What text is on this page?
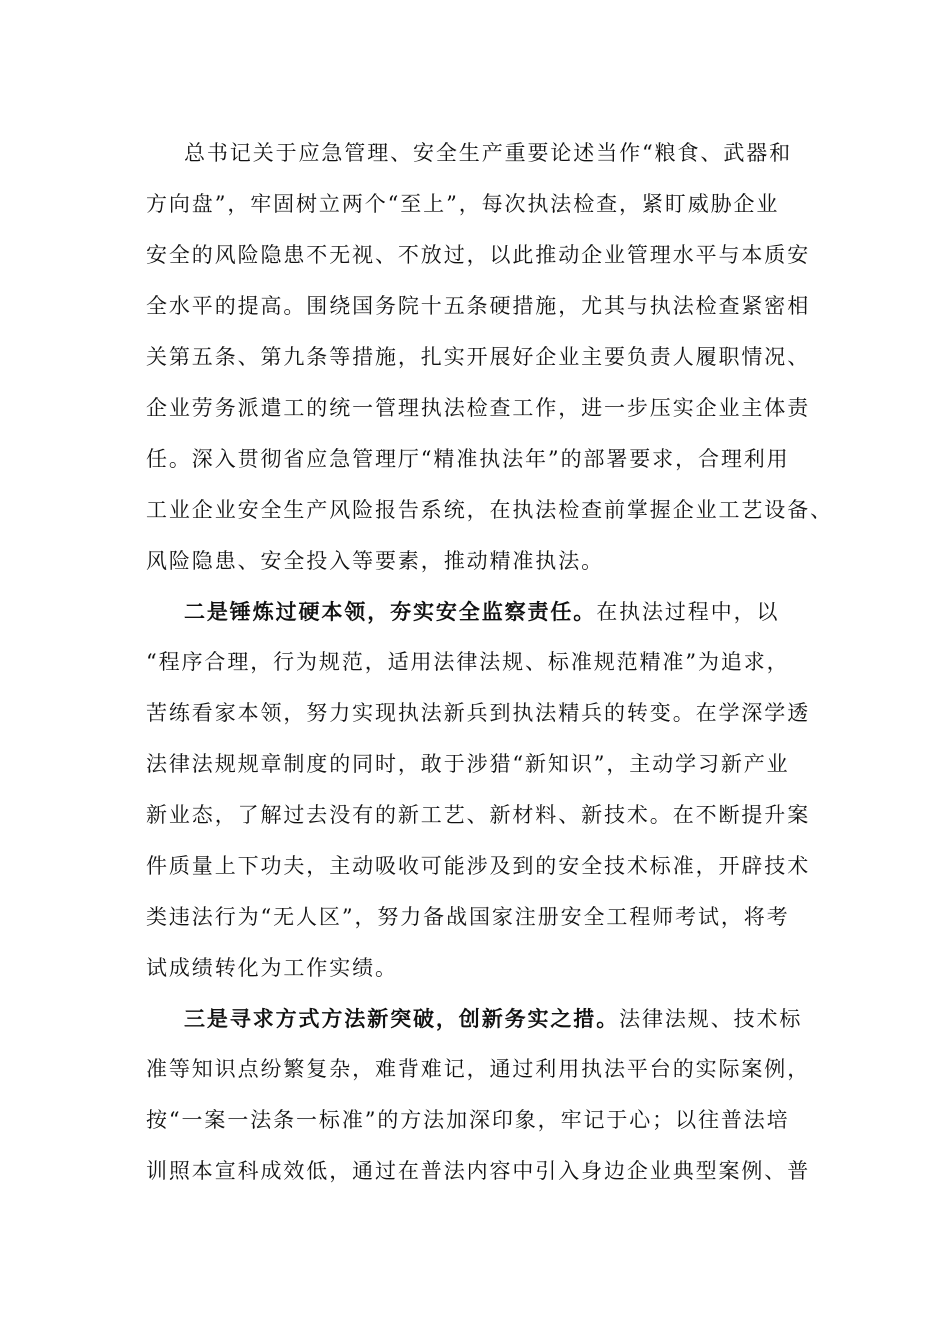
总书记关于应急管理、安全生产重要论述当作“粮食、武器和
方向盘”，牢固树立两个“至上”，每次执法检查，紧盯威胁企业
安全的风险隐患不无视、不放过，以此推动企业管理水平与本质安
全水平的提高。围绕国务院十五条硬措施，尤其与执法检查紧密相
关第五条、第九条等措施，扎实开展好企业主要负责人履职情况、
企业劳务派遣工的统一管理执法检查工作，进一步压实企业主体责
任。深入贯彻省应急管理厅“精准执法年”的部署要求，合理利用
工业企业安全生产风险报告系统，在执法检查前掌握企业工艺设备、
风险隐患、安全投入等要素，推动精准执法。
二是锤炼过硬本领，夯实安全监察责任。在执法过程中，以
“程序合理，行为规范，适用法律法规、标准规范精准”为追求，
苦练看家本领，努力实现执法新兵到执法精兵的转变。在学深学透
法律法规规章制度的同时，敢于涉猎“新知识”，主动学习新产业
新业态，了解过去没有的新工艺、新材料、新技术。在不断提升案
件质量上下功夫，主动吸收可能涉及到的安全技术标准，开辟技术
类违法行为“无人区”，努力备战国家注册安全工程师考试，将考
试成绩转化为工作实绩。
三是寻求方式方法新突破，创新务实之措。法律法规、技术标
准等知识点纷繁复杂，难背难记，通过利用执法平台的实际案例，
按“一案一法条一标准”的方法加深印象，牢记于心；以往普法培
训照本宣科成效低，通过在普法内容中引入身边企业典型案例、普
